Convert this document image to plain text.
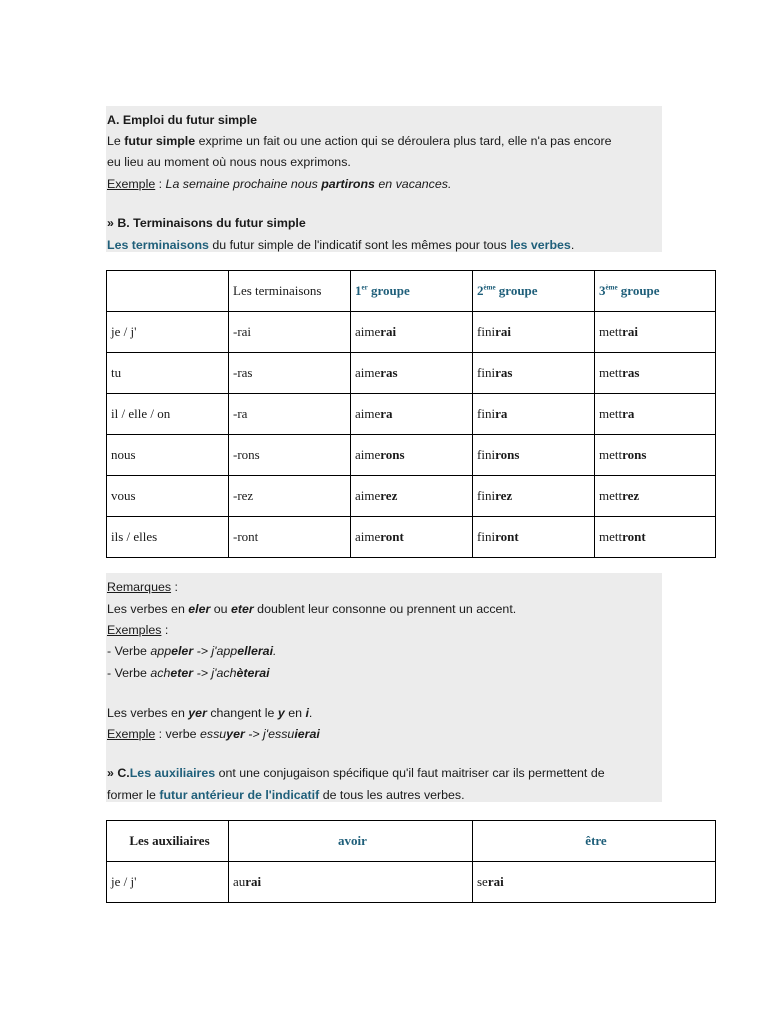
A. Emploi du futur simple
Le futur simple exprime un fait ou une action qui se déroulera plus tard, elle n'a pas encore
eu lieu au moment où nous nous exprimons.
Exemple : La semaine prochaine nous partirons en vacances.
» B. Terminaisons du futur simple
Les terminaisons du futur simple de l'indicatif sont les mêmes pour tous les verbes.
	Les terminaisons	1er groupe	2ème groupe	3ème groupe
je / j'	-rai	aimerai	finirai	mettrai
tu	-ras	aimeras	finiras	mettras
il / elle / on	-ra	aimera	finira	mettra
nous	-rons	aimerons	finirons	mettrons
vous	-rez	aimerez	finirez	mettrez
ils / elles	-ront	aimeront	finiront	mettront
Remarques :
Les verbes en eler ou eter doublent leur consonne ou prennent un accent.
Exemples :
- Verbe appeler -> j'appellerai.
- Verbe acheter -> j'achèterai
Les verbes en yer changent le y en i.
Exemple : verbe essuyer -> j'essuierai
» C.Les auxiliaires ont une conjugaison spécifique qu'il faut maitriser car ils permettent de
former le futur antérieur de l'indicatif de tous les autres verbes.
Les auxiliaires	avoir	être
je / j'	aurai	serai
